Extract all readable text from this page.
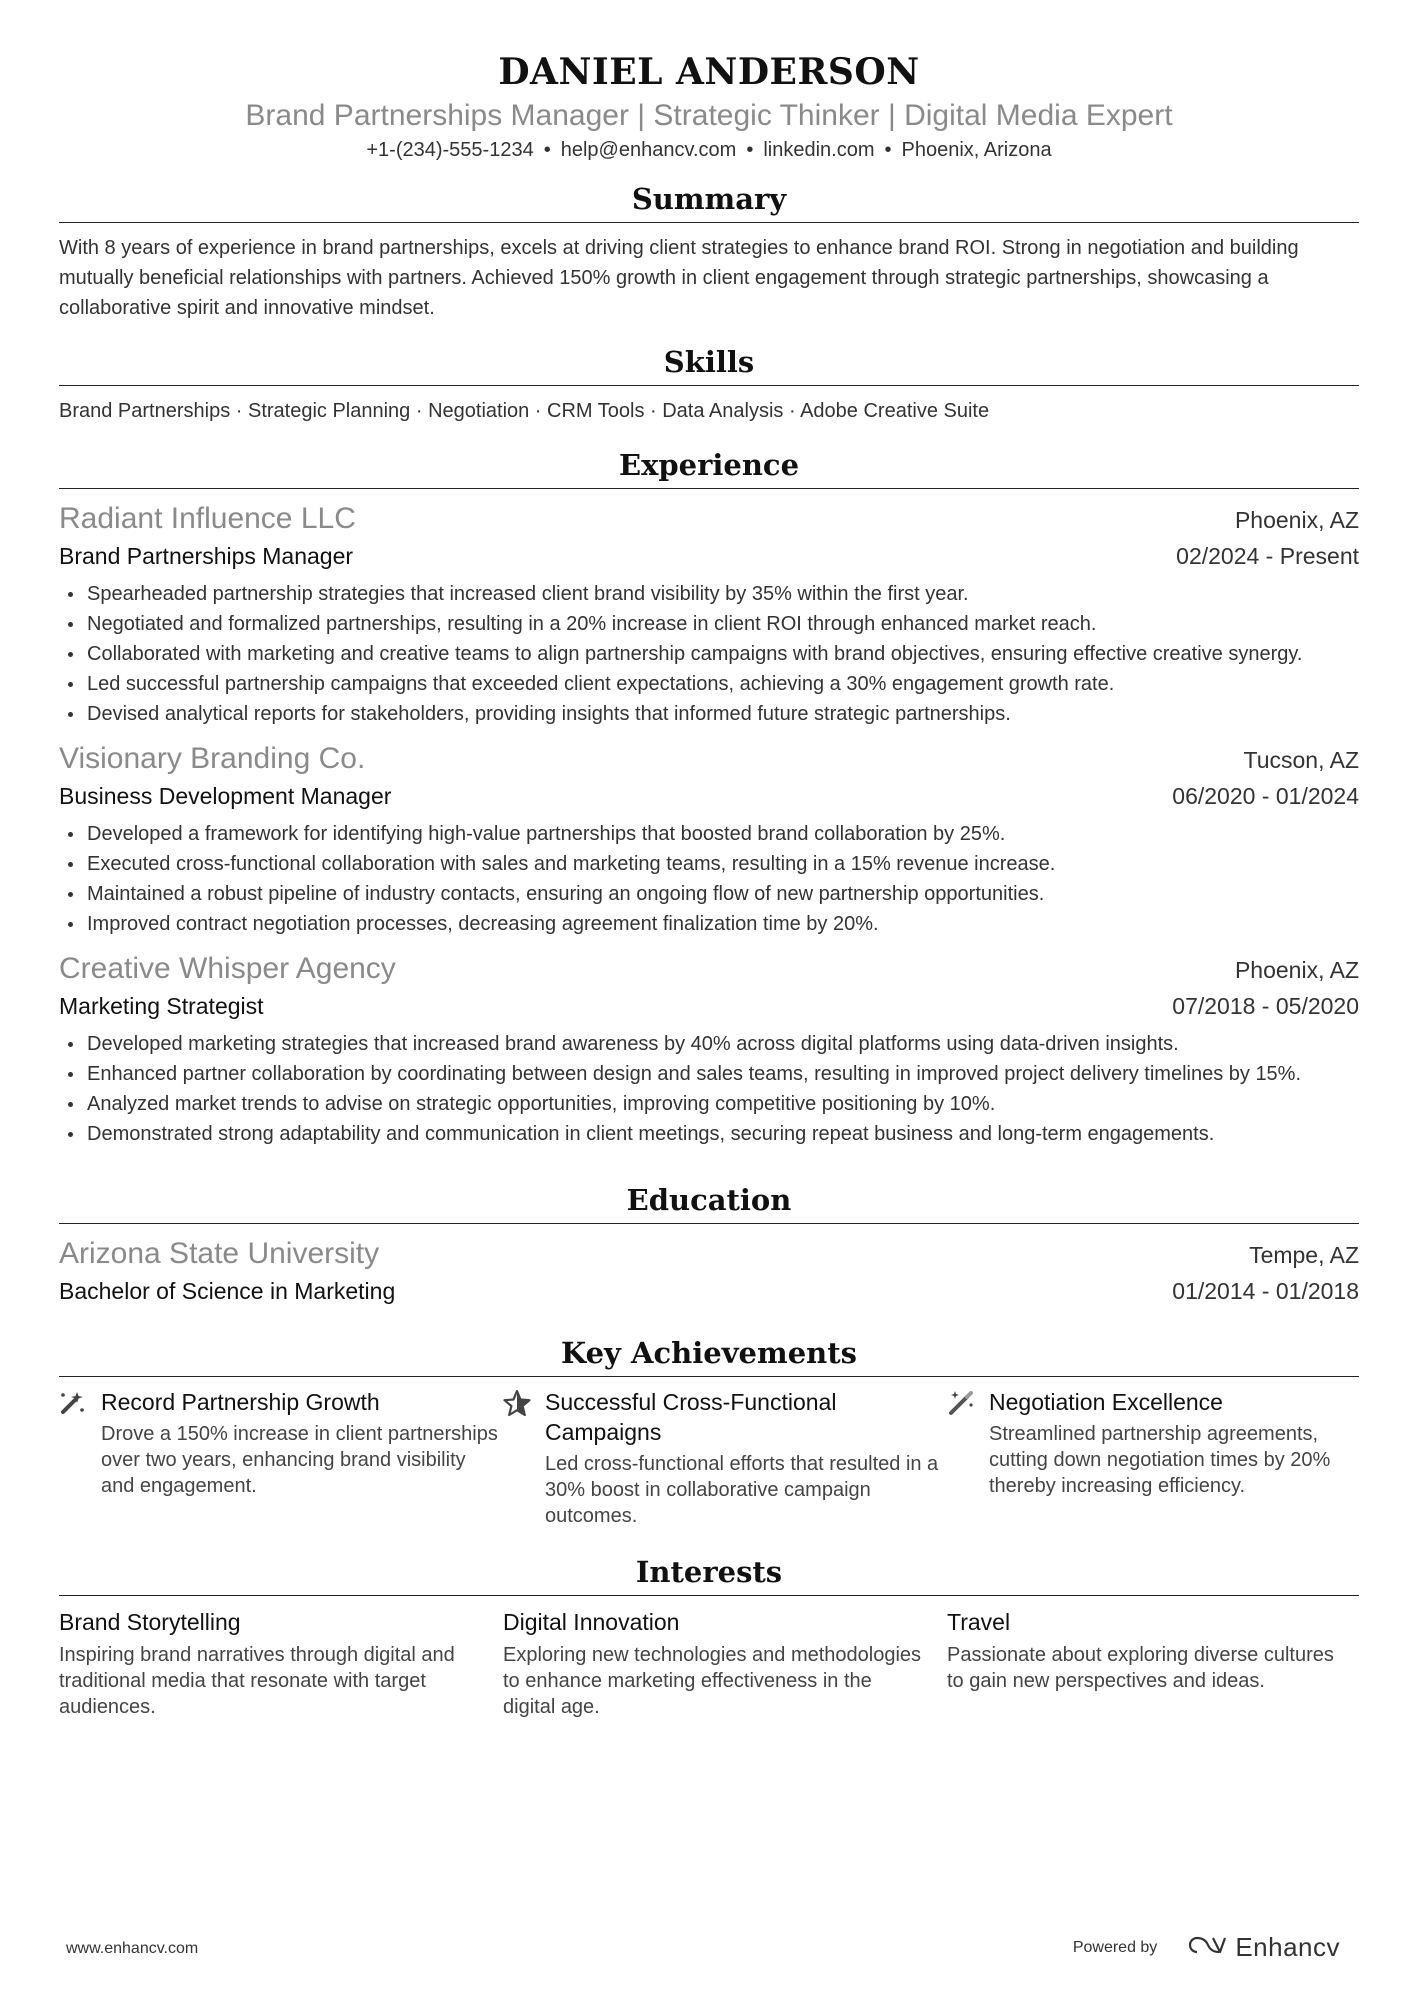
DANIEL ANDERSON
Brand Partnerships Manager | Strategic Thinker | Digital Media Expert
+1-(234)-555-1234 • help@enhancv.com • linkedin.com • Phoenix, Arizona
Summary
With 8 years of experience in brand partnerships, excels at driving client strategies to enhance brand ROI. Strong in negotiation and building mutually beneficial relationships with partners. Achieved 150% growth in client engagement through strategic partnerships, showcasing a collaborative spirit and innovative mindset.
Skills
Brand Partnerships · Strategic Planning · Negotiation · CRM Tools · Data Analysis · Adobe Creative Suite
Experience
Radiant Influence LLC	Phoenix, AZ
Brand Partnerships Manager	02/2024 - Present
Spearheaded partnership strategies that increased client brand visibility by 35% within the first year.
Negotiated and formalized partnerships, resulting in a 20% increase in client ROI through enhanced market reach.
Collaborated with marketing and creative teams to align partnership campaigns with brand objectives, ensuring effective creative synergy.
Led successful partnership campaigns that exceeded client expectations, achieving a 30% engagement growth rate.
Devised analytical reports for stakeholders, providing insights that informed future strategic partnerships.
Visionary Branding Co.	Tucson, AZ
Business Development Manager	06/2020 - 01/2024
Developed a framework for identifying high-value partnerships that boosted brand collaboration by 25%.
Executed cross-functional collaboration with sales and marketing teams, resulting in a 15% revenue increase.
Maintained a robust pipeline of industry contacts, ensuring an ongoing flow of new partnership opportunities.
Improved contract negotiation processes, decreasing agreement finalization time by 20%.
Creative Whisper Agency	Phoenix, AZ
Marketing Strategist	07/2018 - 05/2020
Developed marketing strategies that increased brand awareness by 40% across digital platforms using data-driven insights.
Enhanced partner collaboration by coordinating between design and sales teams, resulting in improved project delivery timelines by 15%.
Analyzed market trends to advise on strategic opportunities, improving competitive positioning by 10%.
Demonstrated strong adaptability and communication in client meetings, securing repeat business and long-term engagements.
Education
Arizona State University	Tempe, AZ
Bachelor of Science in Marketing	01/2014 - 01/2018
Key Achievements
Record Partnership Growth
Drove a 150% increase in client partnerships over two years, enhancing brand visibility and engagement.
Successful Cross-Functional Campaigns
Led cross-functional efforts that resulted in a 30% boost in collaborative campaign outcomes.
Negotiation Excellence
Streamlined partnership agreements, cutting down negotiation times by 20% thereby increasing efficiency.
Interests
Brand Storytelling
Inspiring brand narratives through digital and traditional media that resonate with target audiences.
Digital Innovation
Exploring new technologies and methodologies to enhance marketing effectiveness in the digital age.
Travel
Passionate about exploring diverse cultures to gain new perspectives and ideas.
www.enhancv.com	Powered by	Enhancv
